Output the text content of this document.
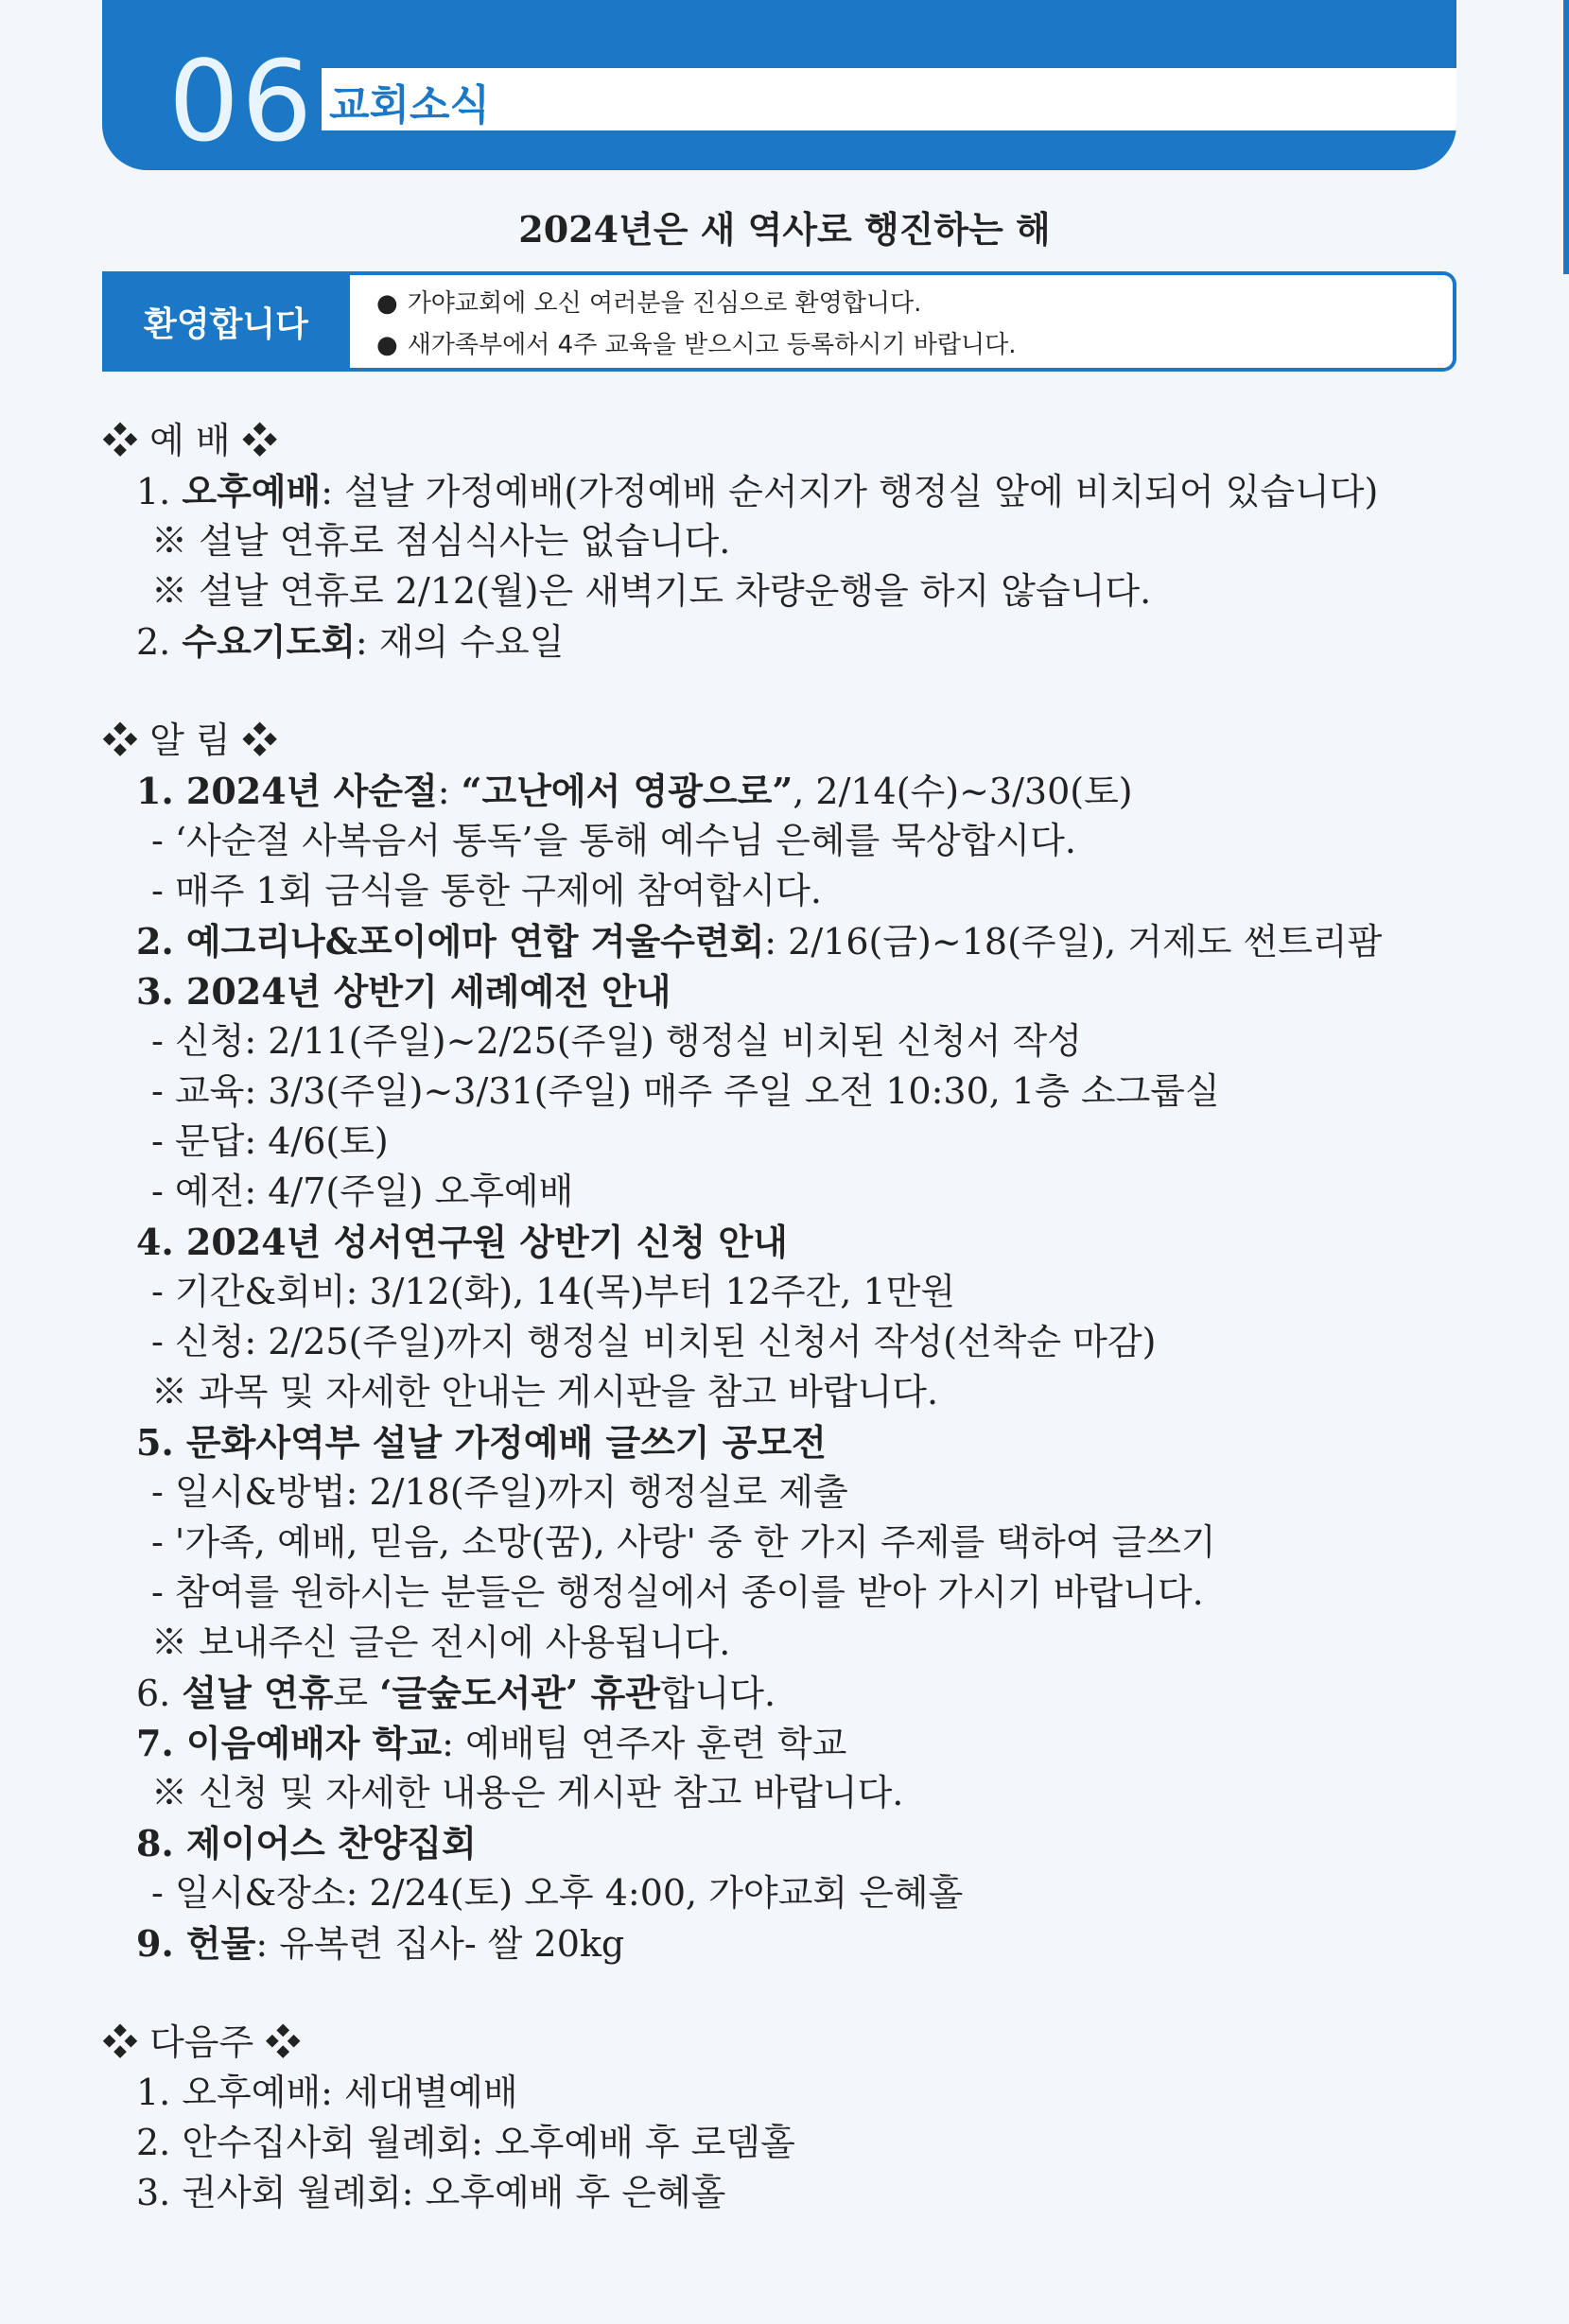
06 교회소식
2024년은 새 역사로 행진하는 해
환영합니다
● 가야교회에 오신 여러분을 진심으로 환영합니다.
● 새가족부에서 4주 교육을 받으시고 등록하시기 바랍니다.
❖ 예 배 ❖
1. 오후예배: 설날 가정예배(가정예배 순서지가 행정실 앞에 비치되어 있습니다)
※ 설날 연휴로 점심식사는 없습니다.
※ 설날 연휴로 2/12(월)은 새벽기도 차량운행을 하지 않습니다.
2. 수요기도회: 재의 수요일
❖ 알 림 ❖
1. 2024년 사순절: “고난에서 영광으로”, 2/14(수)~3/30(토)
- ‘사순절 사복음서 통독’을 통해 예수님 은혜를 묵상합시다.
- 매주 1회 금식을 통한 구제에 참여합시다.
2. 예그리나&포이에마 연합 겨울수련회: 2/16(금)~18(주일), 거제도 썬트리팜
3. 2024년 상반기 세례예전 안내
- 신청: 2/11(주일)~2/25(주일) 행정실 비치된 신청서 작성
- 교육: 3/3(주일)~3/31(주일) 매주 주일 오전 10:30, 1층 소그룹실
- 문답: 4/6(토)
- 예전: 4/7(주일) 오후예배
4. 2024년 성서연구원 상반기 신청 안내
- 기간&회비: 3/12(화), 14(목)부터 12주간, 1만원
- 신청: 2/25(주일)까지 행정실 비치된 신청서 작성(선착순 마감)
※ 과목 및 자세한 안내는 게시판을 참고 바랍니다.
5. 문화사역부 설날 가정예배 글쓰기 공모전
- 일시&방법: 2/18(주일)까지 행정실로 제출
- '가족, 예배, 믿음, 소망(꿈), 사랑' 중 한 가지 주제를 택하여 글쓰기
- 참여를 원하시는 분들은 행정실에서 종이를 받아 가시기 바랍니다.
※ 보내주신 글은 전시에 사용됩니다.
6. 설날 연휴로 ‘글숲도서관’ 휴관합니다.
7. 이음예배자 학교: 예배팀 연주자 훈련 학교
※ 신청 및 자세한 내용은 게시판 참고 바랍니다.
8. 제이어스 찬양집회
- 일시&장소: 2/24(토) 오후 4:00, 가야교회 은혜홀
9. 헌물: 유복련 집사- 쌀 20kg
❖ 다음주 ❖
1. 오후예배: 세대별예배
2. 안수집사회 월례회: 오후예배 후 로뎀홀
3. 권사회 월례회: 오후예배 후 은혜홀
